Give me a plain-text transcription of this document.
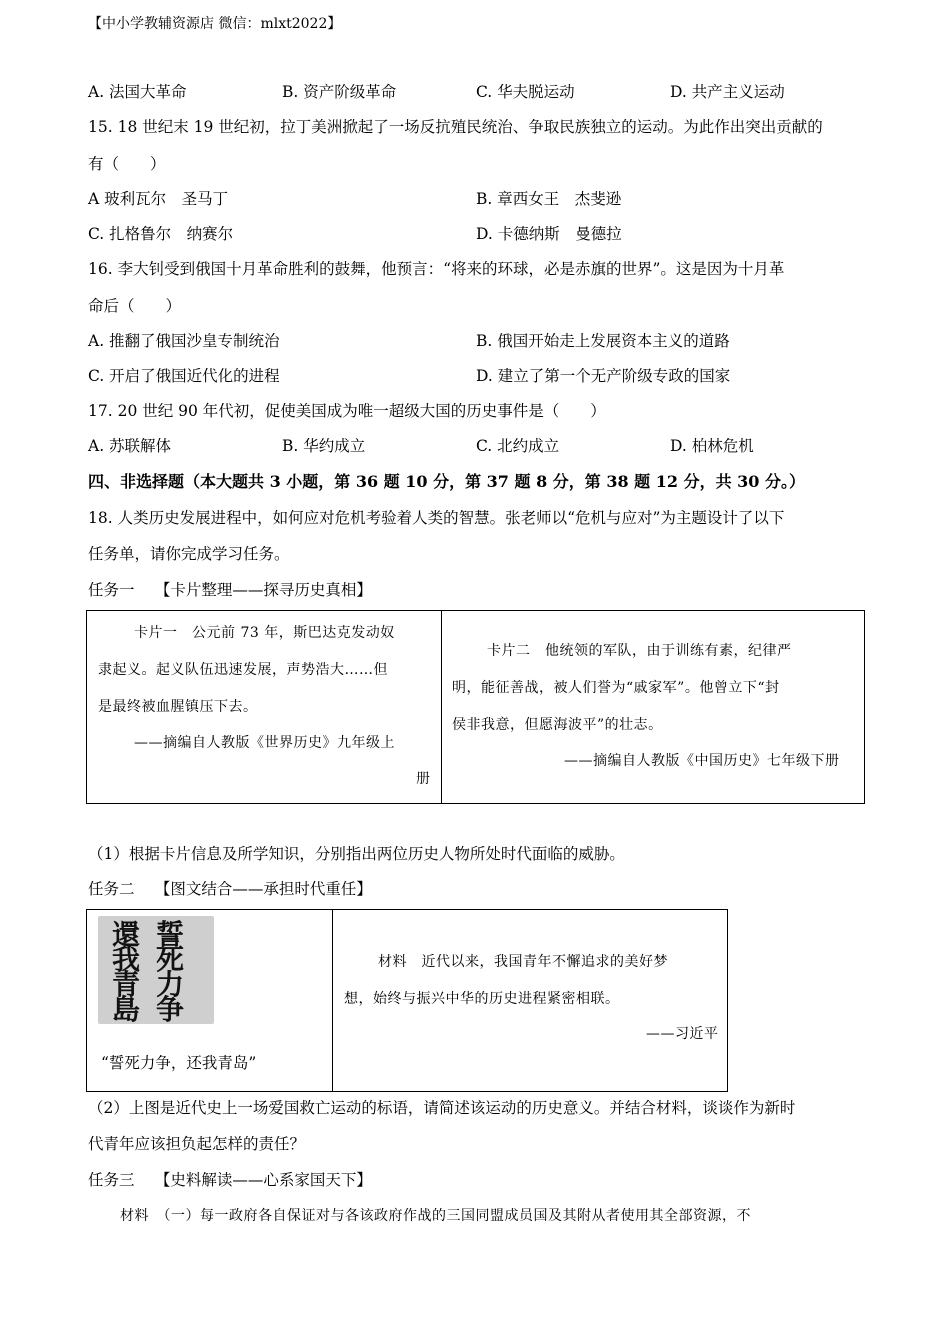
【中小学教辅资源店 微信：mlxt2022】
A. 法国大革命	B. 资产阶级革命	C. 华夫脱运动	D. 共产主义运动
15. 18 世纪末 19 世纪初，拉丁美洲掀起了一场反抗殖民统治、争取民族独立的运动。为此作出突出贡献的
有（　　）
A 玻利瓦尔　圣马丁	B. 章西女王　杰斐逊
C. 扎格鲁尔　纳赛尔	D. 卡德纳斯　曼德拉
16. 李大钊受到俄国十月革命胜利的鼓舞，他预言：“将来的环球，必是赤旗的世界”。这是因为十月革
命后（　　）
A. 推翻了俄国沙皇专制统治	B. 俄国开始走上发展资本主义的道路
C. 开启了俄国近代化的进程	D. 建立了第一个无产阶级专政的国家
17. 20 世纪 90 年代初，促使美国成为唯一超级大国的历史事件是（　　）
A. 苏联解体	B. 华约成立	C. 北约成立	D. 柏林危机
四、非选择题（本大题共 3 小题，第 36 题 10 分，第 37 题 8 分，第 38 题 12 分，共 30 分。）
18. 人类历史发展进程中，如何应对危机考验着人类的智慧。张老师以“危机与应对”为主题设计了以下
任务单，请你完成学习任务。
任务一　 【卡片整理——探寻历史真相】
卡片一　公元前 73 年，斯巴达克发动奴
隶起义。起义队伍迅速发展，声势浩大……但
是最终被血腥镇压下去。
——摘编自人教版《世界历史》九年级上
册
卡片二　他统领的军队，由于训练有素，纪律严
明，能征善战，被人们誉为“戚家军”。他曾立下“封
侯非我意，但愿海波平”的壮志。
——摘编自人教版《中国历史》七年级下册
（1）根据卡片信息及所学知识，分别指出两位历史人物所处时代面临的威胁。
任务二　 【图文结合——承担时代重任】
誓
死
力
争
還
我
青
島
“誓死力争，还我青岛”
材料　近代以来，我国青年不懈追求的美好梦
想，始终与振兴中华的历史进程紧密相联。
——习近平
（2）上图是近代史上一场爱国救亡运动的标语，请简述该运动的历史意义。并结合材料，谈谈作为新时
代青年应该担负起怎样的责任？
任务三　 【史料解读——心系家国天下】
材料　（一）每一政府各自保证对与各该政府作战的三国同盟成员国及其附从者使用其全部资源，不
